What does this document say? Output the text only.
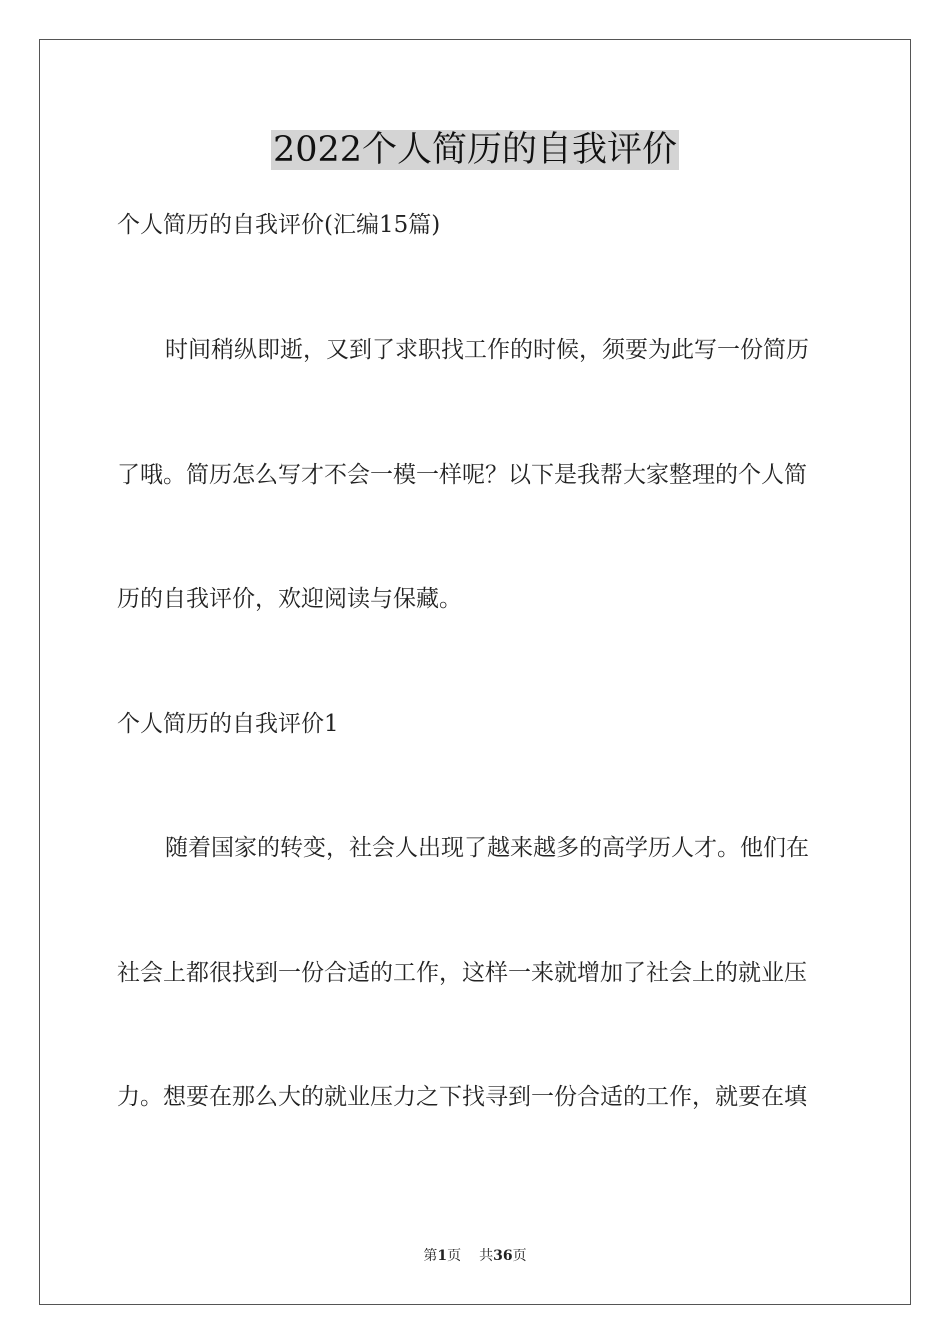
2022个人简历的自我评价
个人简历的自我评价(汇编15篇)
时间稍纵即逝，又到了求职找工作的时候，须要为此写一份简历
了哦。简历怎么写才不会一模一样呢？以下是我帮大家整理的个人简
历的自我评价，欢迎阅读与保藏。
个人简历的自我评价1
随着国家的转变，社会人出现了越来越多的高学历人才。他们在
社会上都很找到一份合适的工作，这样一来就增加了社会上的就业压
力。想要在那么大的就业压力之下找寻到一份合适的工作，就要在填
第1页 共36页
